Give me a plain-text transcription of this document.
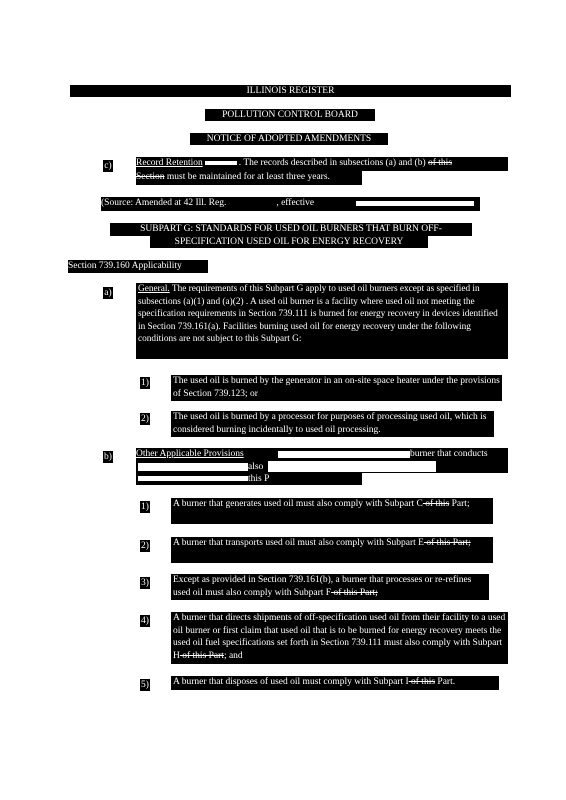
ILLINOIS REGISTER
POLLUTION CONTROL BOARD
NOTICE OF ADOPTED AMENDMENTS
c)	Record Retention	. The records described in subsections (a) and (b) of this
Section must be maintained for at least three years.
(Source: Amended at 42 Ill. Reg.	, effective
SUBPART G: STANDARDS FOR USED OIL BURNERS THAT BURN OFF-
SPECIFICATION USED OIL FOR ENERGY RECOVERY
Section 739.160 Applicability
a)	General. The requirements of this Subpart G apply to used oil burners except as specified in subsections (a)(1) and (a)(2) . A used oil burner is a facility where used oil not meeting the specification requirements in Section 739.111 is burned for energy recovery in devices identified in Section 739.161(a). Facilities burning used oil for energy recovery under the following conditions are not subject to this Subpart G:
1)	The used oil is burned by the generator in an on-site space heater under the provisions of Section 739.123; or
2)	The used oil is burned by a processor for purposes of processing used oil, which is considered burning incidentally to used oil processing.
b)	Other Applicable Provisions	burner that conducts
also
this P
1)	A burner that generates used oil must also comply with Subpart C of this Part;
2)	A burner that transports used oil must also comply with Subpart E of this Part;
3)	Except as provided in Section 739.161(b), a burner that processes or re-refines used oil must also comply with Subpart F of this Part;
4)	A burner that directs shipments of off-specification used oil from their facility to a used oil burner or first claim that used oil that is to be burned for energy recovery meets the used oil fuel specifications set forth in Section 739.111 must also comply with Subpart H of this Part; and
5)	A burner that disposes of used oil must comply with Subpart I of this Part.
